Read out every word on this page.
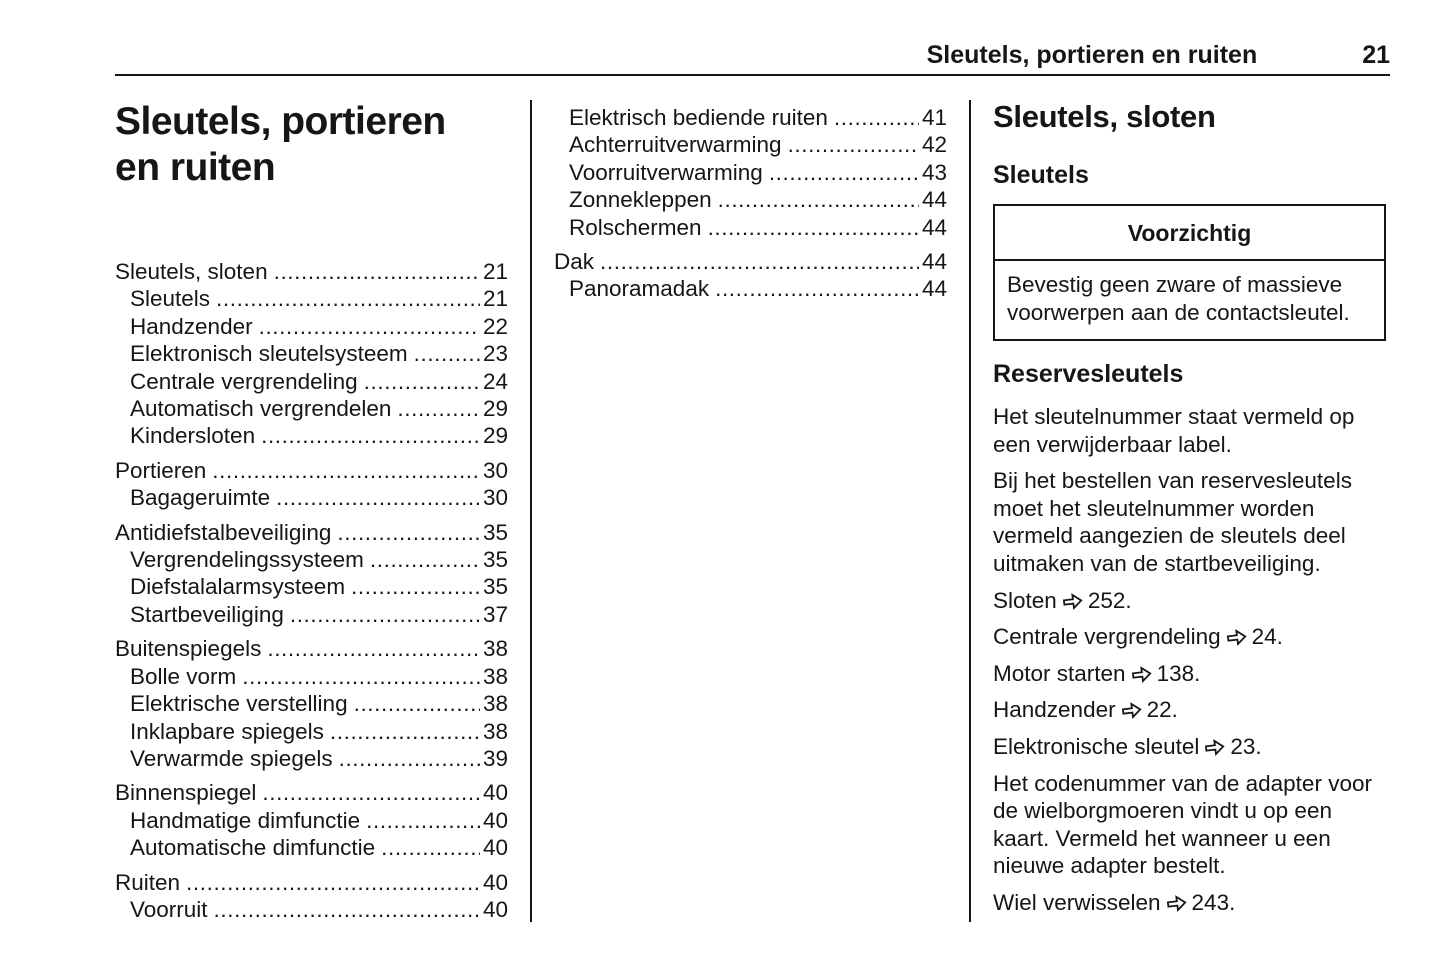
Sleutels, portieren en ruiten	21
Sleutels, portieren
en ruiten
Sleutels, sloten .....	21
Sleutels .....	21
Handzender .....	22
Elektronisch sleutelsysteem .....	23
Centrale vergrendeling .....	24
Automatisch vergrendelen .....	29
Kindersloten .....	29
Portieren .....	30
Bagageruimte .....	30
Antidiefstalbeveiliging .....	35
Vergrendelingssysteem .....	35
Diefstalalarmsysteem .....	35
Startbeveiliging .....	37
Buitenspiegels .....	38
Bolle vorm .....	38
Elektrische verstelling .....	38
Inklapbare spiegels .....	38
Verwarmde spiegels .....	39
Binnenspiegel .....	40
Handmatige dimfunctie .....	40
Automatische dimfunctie .....	40
Ruiten .....	40
Voorruit .....	40
Elektrisch bediende ruiten .....	41
Achterruitverwarming .....	42
Voorruitverwarming .....	43
Zonnekleppen .....	44
Rolschermen .....	44
Dak .....	44
Panoramadak .....	44
Sleutels, sloten
Sleutels
Voorzichtig
Bevestig geen zware of massieve voorwerpen aan de contactsleutel.
Reservesleutels

Het sleutelnummer staat vermeld op een verwijderbaar label.

Bij het bestellen van reservesleutels moet het sleutelnummer worden vermeld aangezien de sleutels deel uitmaken van de startbeveiliging.

Sloten 252.

Centrale vergrendeling 24.

Motor starten 138.

Handzender 22.

Elektronische sleutel 23.

Het codenummer van de adapter voor de wielborgmoeren vindt u op een kaart. Vermeld het wanneer u een nieuwe adapter bestelt.

Wiel verwisselen 243.
